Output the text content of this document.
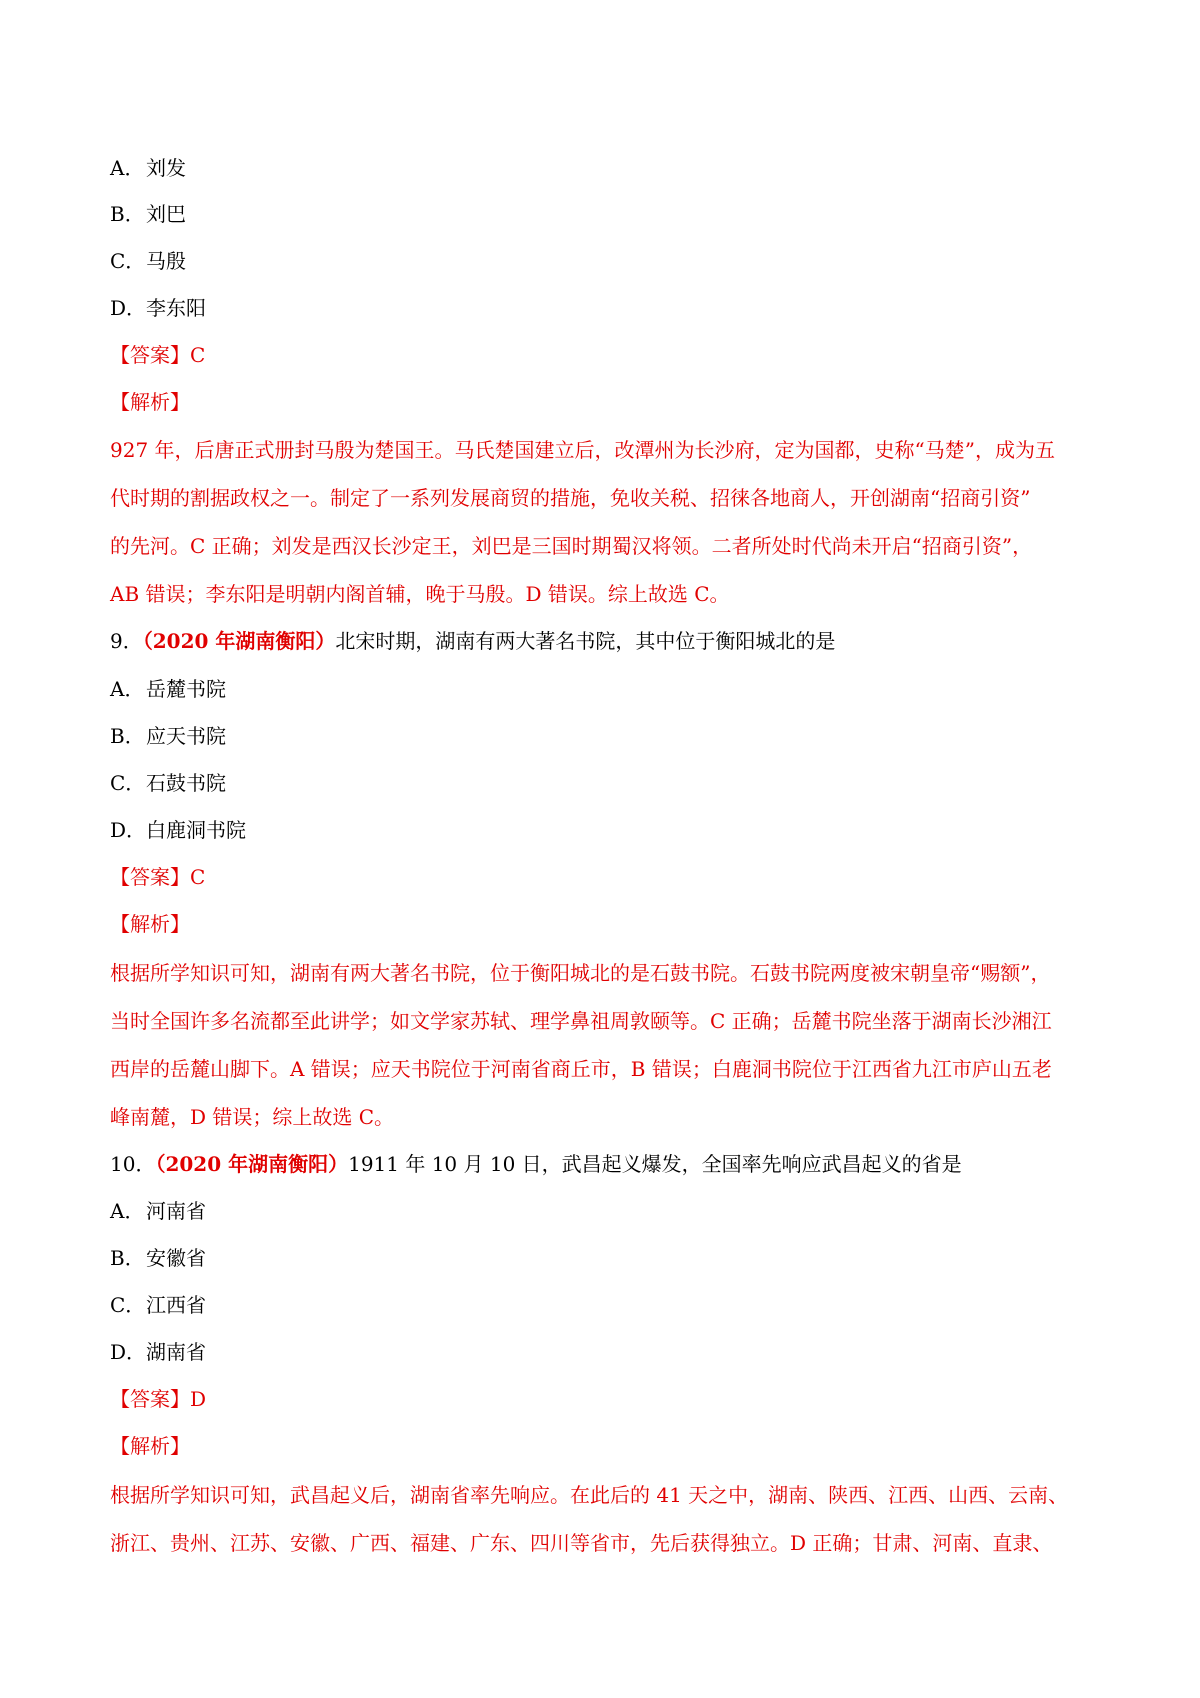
A．刘发
B．刘巴
C．马殷
D．李东阳
【答案】C
【解析】
927 年，后唐正式册封马殷为楚国王。马氏楚国建立后，改潭州为长沙府，定为国都，史称“马楚”，成为五
代时期的割据政权之一。制定了一系列发展商贸的措施，免收关税、招徕各地商人，开创湖南“招商引资”
的先河。C 正确；刘发是西汉长沙定王，刘巴是三国时期蜀汉将领。二者所处时代尚未开启“招商引资”，
AB 错误；李东阳是明朝内阁首辅，晚于马殷。D 错误。综上故选 C。
9．（2020 年湖南衡阳）北宋时期，湖南有两大著名书院，其中位于衡阳城北的是
A．岳麓书院
B．应天书院
C．石鼓书院
D．白鹿洞书院
【答案】C
【解析】
根据所学知识可知，湖南有两大著名书院，位于衡阳城北的是石鼓书院。石鼓书院两度被宋朝皇帝“赐额”，
当时全国许多名流都至此讲学；如文学家苏轼、理学鼻祖周敦颐等。C 正确；岳麓书院坐落于湖南长沙湘江
西岸的岳麓山脚下。A 错误；应天书院位于河南省商丘市，B 错误；白鹿洞书院位于江西省九江市庐山五老
峰南麓，D 错误；综上故选 C。
10．（2020 年湖南衡阳）1911 年 10 月 10 日，武昌起义爆发，全国率先响应武昌起义的省是
A．河南省
B．安徽省
C．江西省
D．湖南省
【答案】D
【解析】
根据所学知识可知，武昌起义后，湖南省率先响应。在此后的 41 天之中，湖南、陕西、江西、山西、云南、
浙江、贵州、江苏、安徽、广西、福建、广东、四川等省市，先后获得独立。D 正确；甘肃、河南、直隶、
